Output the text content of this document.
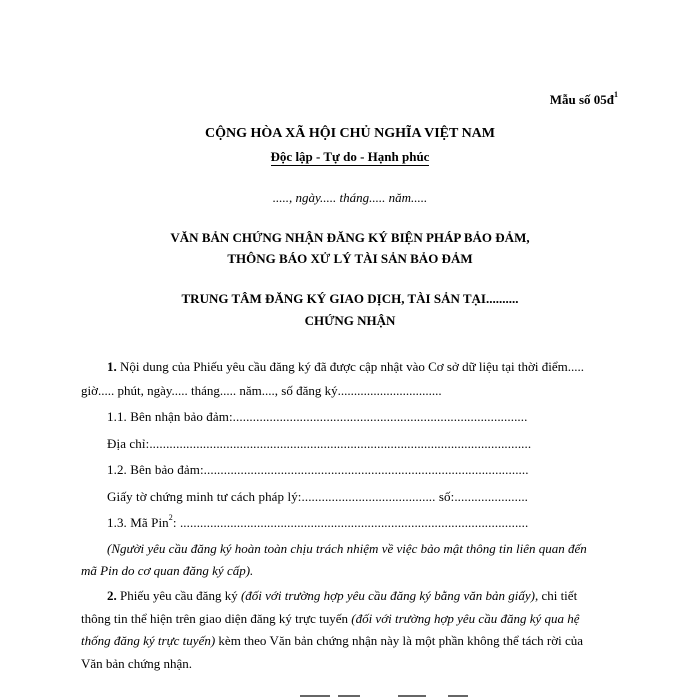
Mẫu số $05đ^1$
CỘNG HÒA XÃ HỘI CHỦ NGHĨA VIỆT NAM
Độc lập - Tự do - Hạnh phúc
....., ngày..... tháng..... năm.....
VĂN BẢN CHỨNG NHẬN ĐĂNG KÝ BIỆN PHÁP BẢO ĐẢM,
THÔNG BÁO XỬ LÝ TÀI SẢN BẢO ĐẢM
TRUNG TÂM ĐĂNG KÝ GIAO DỊCH, TÀI SẢN TẠI..........
CHỨNG NHẬN
1. Nội dung của Phiếu yêu cầu đăng ký đã được cập nhật vào Cơ sở dữ liệu tại thời điểm.....
giờ..... phút, ngày..... tháng..... năm...., số đăng ký................................
1.1. Bên nhận bảo đảm:........................................................................................
Địa chỉ:..................................................................................................................
1.2. Bên bảo đảm:.................................................................................................
Giấy tờ chứng minh tư cách pháp lý:........................................ số:......................
1.3. Mã Pin$^2$: ........................................................................................................
(Người yêu cầu đăng ký hoàn toàn chịu trách nhiệm về việc bảo mật thông tin liên quan đến
mã Pin do cơ quan đăng ký cấp).
2. Phiếu yêu cầu đăng ký (đối với trường hợp yêu cầu đăng ký bằng văn bản giấy), chi tiết
thông tin thể hiện trên giao diện đăng ký trực tuyến (đối với trường hợp yêu cầu đăng ký qua hệ
thống đăng ký trực tuyến) kèm theo Văn bản chứng nhận này là một phần không thể tách rời của
Văn bản chứng nhận.
